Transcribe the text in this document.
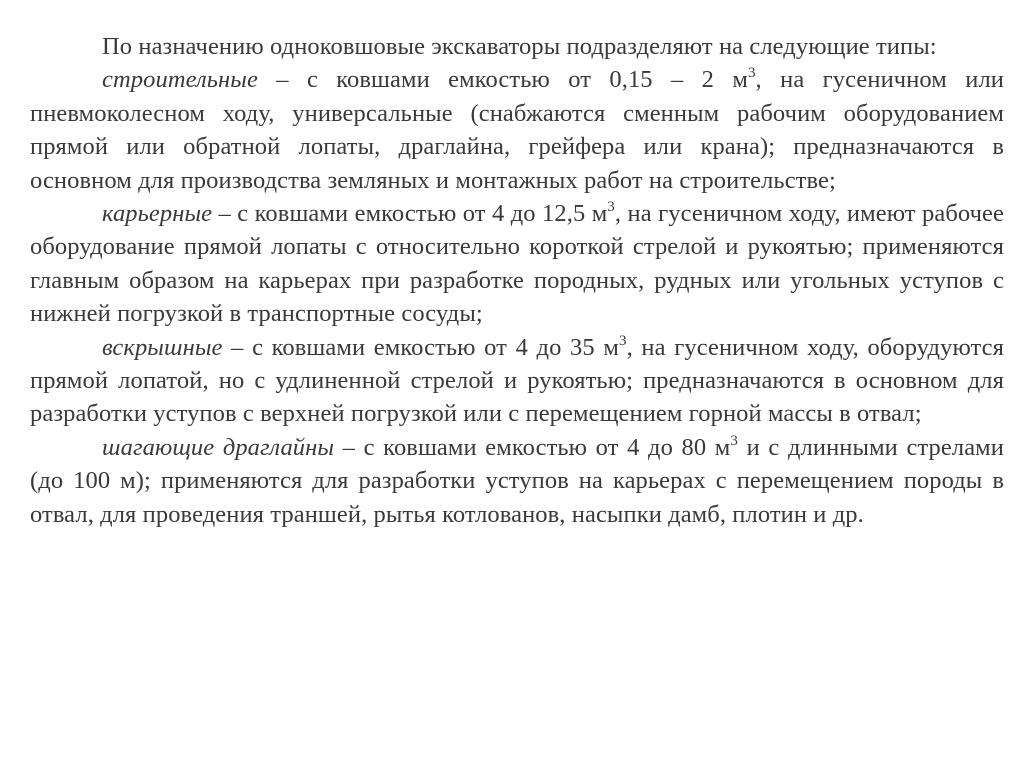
По назначению одноковшовые экскаваторы подразделяют на следующие типы:

строительные – с ковшами емкостью от 0,15 – 2 $м^3$, на гусеничном или пневмоколесном ходу, универсальные (снабжаются сменным рабочим оборудованием прямой или обратной лопаты, драглайна, грейфера или крана); предназначаются в основном для производства земляных и монтажных работ на строительстве;

карьерные – с ковшами емкостью от 4 до 12,5 $м^3$, на гусеничном ходу, имеют рабочее оборудование прямой лопаты с относительно короткой стрелой и рукоятью; применяются главным образом на карьерах при разработке породных, рудных или угольных уступов с нижней погрузкой в транспортные сосуды;

вскрышные – с ковшами емкостью от 4 до 35 $м^3$, на гусеничном ходу, оборудуются прямой лопатой, но с удлиненной стрелой и рукоятью; предназначаются в основном для разработки уступов с верхней погрузкой или с перемещением горной массы в отвал;

шагающие драглайны – с ковшами емкостью от 4 до 80 $м^3$ и с длинными стрелами (до 100 м); применяются для разработки уступов на карьерах с перемещением породы в отвал, для проведения траншей, рытья котлованов, насыпки дамб, плотин и др.
